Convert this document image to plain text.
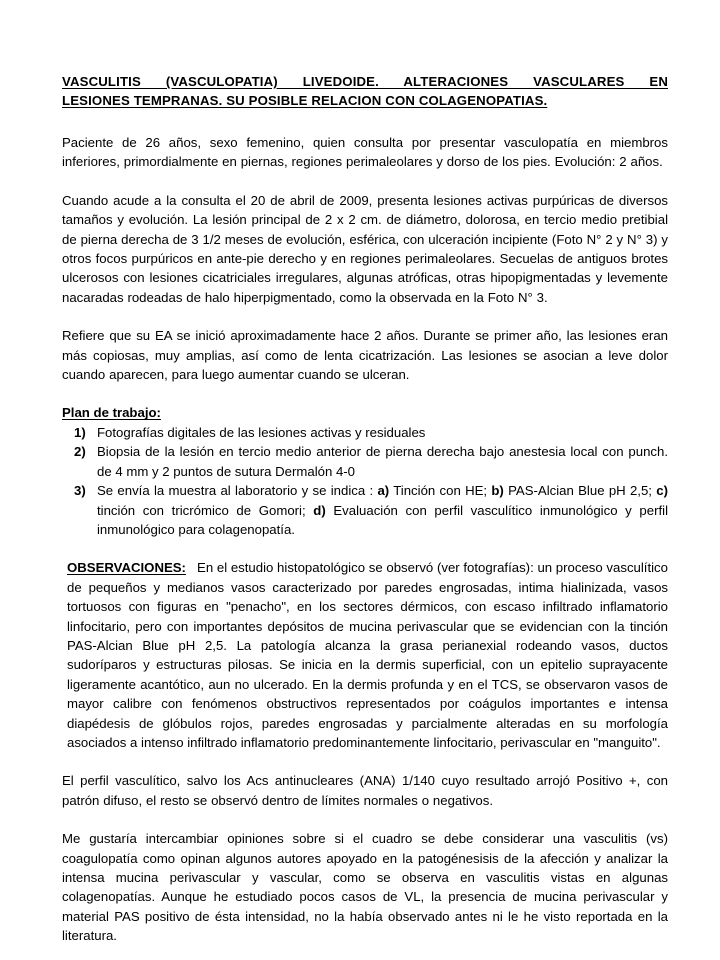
VASCULITIS (VASCULOPATIA) LIVEDOIDE. ALTERACIONES VASCULARES EN
LESIONES TEMPRANAS. SU POSIBLE RELACION CON COLAGENOPATIAS.

Paciente de 26 años, sexo femenino, quien consulta por presentar vasculopatía en miembros inferiores, primordialmente en piernas, regiones perimaleolares y dorso de los pies. Evolución: 2 años.

Cuando acude a la consulta el 20 de abril de 2009, presenta lesiones activas purpúricas de diversos tamaños y evolución. La lesión principal de 2 x 2 cm. de diámetro, dolorosa, en tercio medio pretibial de pierna derecha de 3 1/2 meses de evolución, esférica, con ulceración incipiente (Foto N° 2 y N° 3) y otros focos purpúricos en ante-pie derecho y en regiones perimaleolares. Secuelas de antiguos brotes ulcerosos con lesiones cicatriciales irregulares, algunas atróficas, otras hipopigmentadas y levemente nacaradas rodeadas de halo hiperpigmentado, como la observada en la Foto N° 3.

Refiere que su EA se inició aproximadamente hace 2 años. Durante se primer año, las lesiones eran más copiosas, muy amplias, así como de lenta cicatrización. Las lesiones se asocian a leve dolor cuando aparecen, para luego aumentar cuando se ulceran.

Plan de trabajo:
1) Fotografías digitales de las lesiones activas y residuales
2) Biopsia de la lesión en tercio medio anterior de pierna derecha bajo anestesia local con punch. de 4 mm y 2 puntos de sutura Dermalón 4-0
3) Se envía la muestra al laboratorio y se indica : a) Tinción con HE; b) PAS-Alcian Blue pH 2,5; c) tinción con tricrómico de Gomori; d) Evaluación con perfil vasculítico inmunológico y perfil inmunológico para colagenopatía.

OBSERVACIONES: En el estudio histopatológico se observó (ver fotografías): un proceso vasculítico de pequeños y medianos vasos caracterizado por paredes engrosadas, intima hialinizada, vasos tortuosos con figuras en "penacho", en los sectores dérmicos, con escaso infiltrado inflamatorio linfocitario, pero con importantes depósitos de mucina perivascular que se evidencian con la tinción PAS-Alcian Blue pH 2,5. La patología alcanza la grasa perianexial rodeando vasos, ductos sudoríparos y estructuras pilosas. Se inicia en la dermis superficial, con un epitelio suprayacente ligeramente acantótico, aun no ulcerado. En la dermis profunda y en el TCS, se observaron vasos de mayor calibre con fenómenos obstructivos representados por coágulos importantes e intensa diapédesis de glóbulos rojos, paredes engrosadas y parcialmente alteradas en su morfología asociados a intenso infiltrado inflamatorio predominantemente linfocitario, perivascular en "manguito".

El perfil vasculítico, salvo los Acs antinucleares (ANA) 1/140 cuyo resultado arrojó Positivo +, con patrón difuso, el resto se observó dentro de límites normales o negativos.

Me gustaría intercambiar opiniones sobre si el cuadro se debe considerar una vasculitis (vs) coagulopatía como opinan algunos autores apoyado en la patogénesisis de la afección y analizar la intensa mucina perivascular y vascular, como se observa en vasculitis vistas en algunas colagenopatías. Aunque he estudiado pocos casos de VL, la presencia de mucina perivascular y material PAS positivo de ésta intensidad, no la había observado antes ni le he visto reportada en la literatura.
